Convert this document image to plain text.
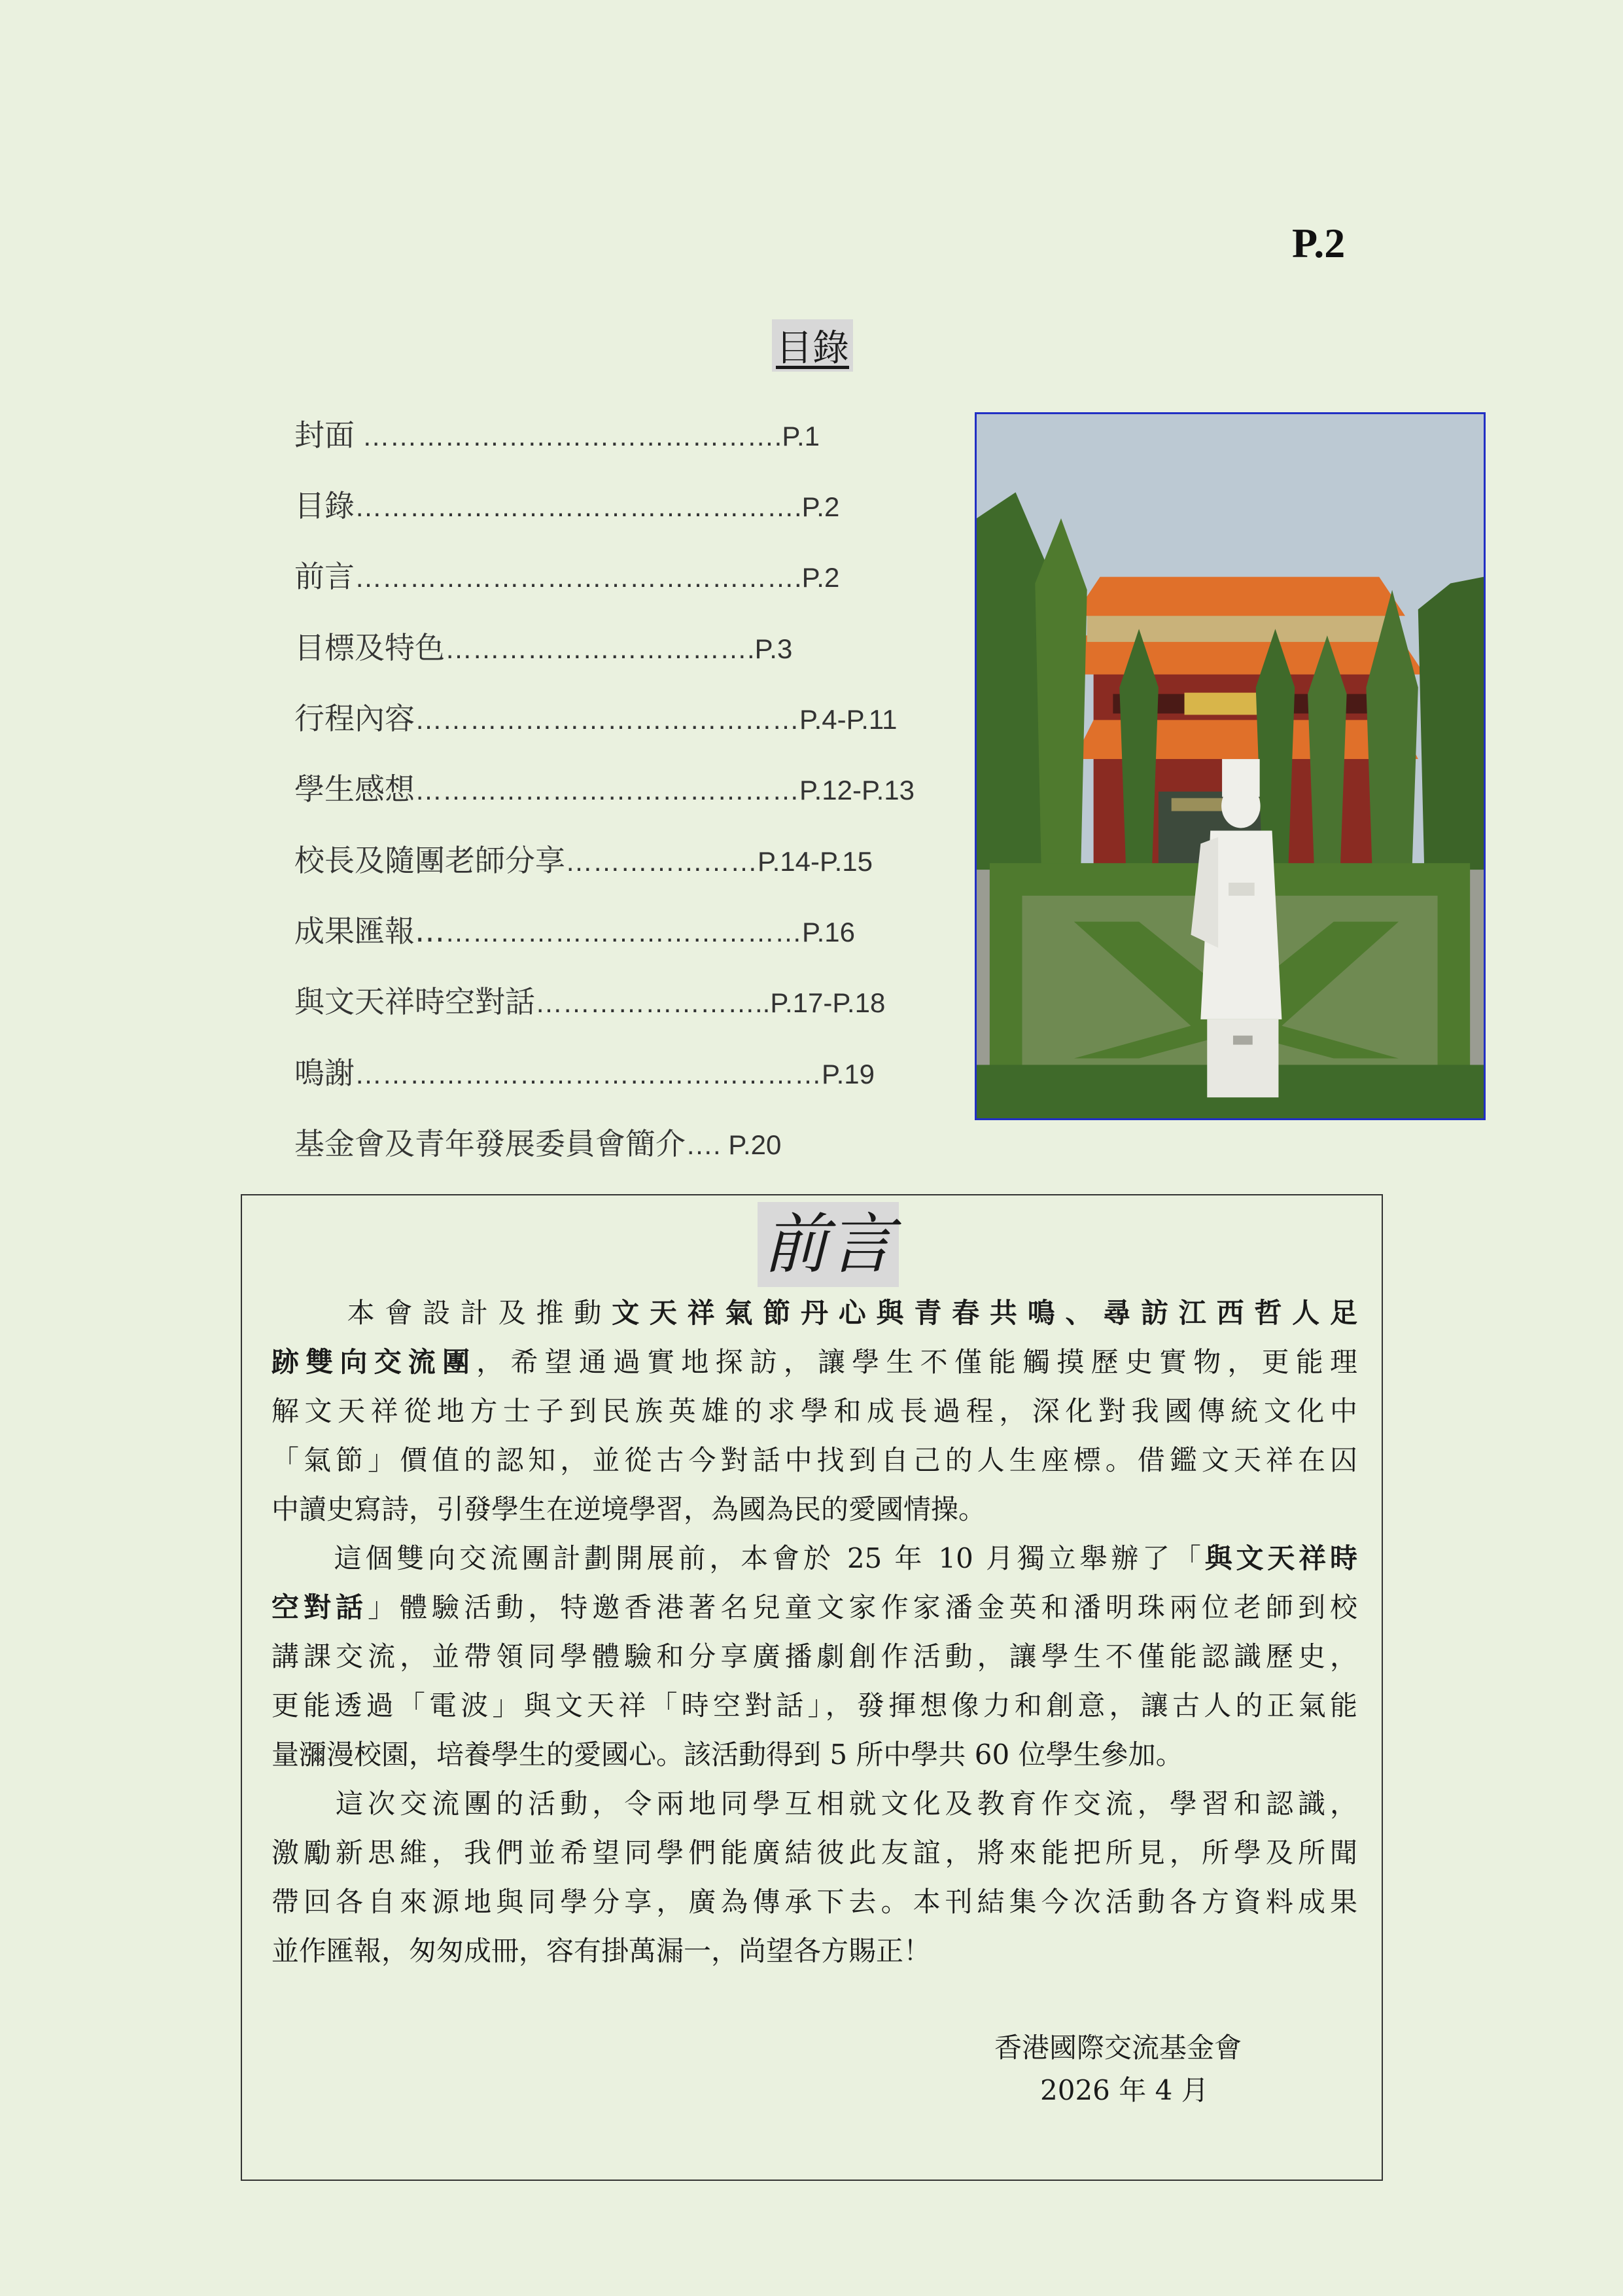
P.2
目錄
封面 ……………………………………….P.1
目錄………………………………………….P.2
前言………………………………………….P.2
目標及特色…………………………….P.3
行程內容……………………………………P.4-P.11
學生感想……………………………………P.12-P.13
校長及隨團老師分享…………………P.14-P.15
成果匯報……………………………………P.16
與文天祥時空對話……………………..P.17-P.18
鳴謝……………………………………………P.19
基金會及青年發展委員會簡介…. P.20
前言
　　本會設計及推動文天祥氣節丹心與青春共鳴、尋訪江西哲人足
跡雙向交流團，希望通過實地探訪，讓學生不僅能觸摸歷史實物，更能理
解文天祥從地方士子到民族英雄的求學和成長過程，深化對我國傳統文化中
「氣節」價值的認知，並從古今對話中找到自己的人生座標。借鑑文天祥在囚
中讀史寫詩，引發學生在逆境學習，為國為民的愛國情操。
　　這個雙向交流團計劃開展前，本會於 25 年 10 月獨立舉辦了「與文天祥時
空對話」體驗活動，特邀香港著名兒童文家作家潘金英和潘明珠兩位老師到校
講課交流，並帶領同學體驗和分享廣播劇創作活動，讓學生不僅能認識歷史，
更能透過「電波」與文天祥「時空對話」，發揮想像力和創意，讓古人的正氣能
量瀰漫校園，培養學生的愛國心。該活動得到 5 所中學共 60 位學生參加。
　　這次交流團的活動，令兩地同學互相就文化及教育作交流，學習和認識，
激勵新思維，我們並希望同學們能廣結彼此友誼，將來能把所見，所學及所聞
帶回各自來源地與同學分享，廣為傳承下去。本刊結集今次活動各方資料成果
並作匯報，匆匆成冊，容有掛萬漏一，尚望各方賜正！
香港國際交流基金會
2026 年 4 月
